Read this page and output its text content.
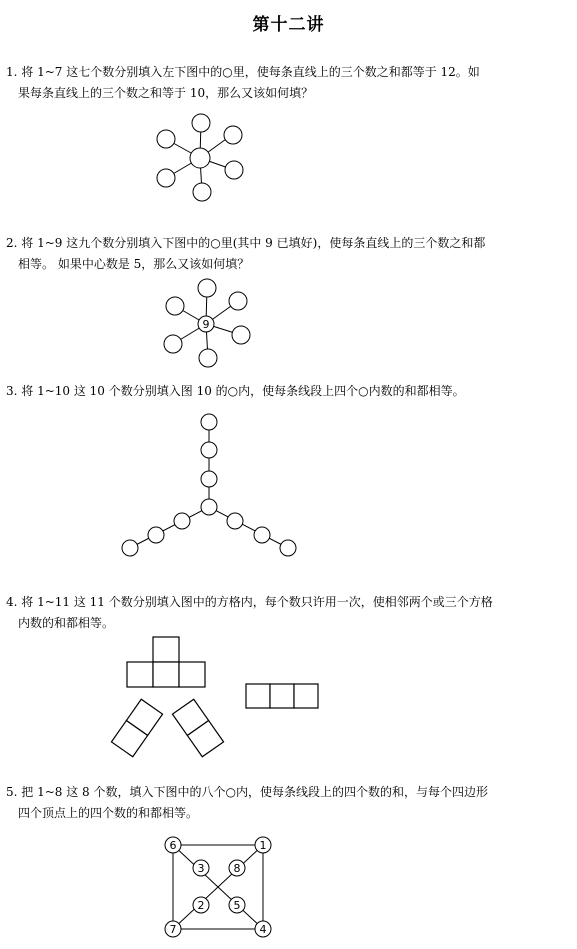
第十二讲
1. 将 1~7 这七个数分别填入左下图中的○里，使每条直线上的三个数之和都等于 12。如
果每条直线上的三个数之和等于 10，那么又该如何填？
2. 将 1~9 这九个数分别填入下图中的○里(其中 9 已填好)，使每条直线上的三个数之和都
相等。 如果中心数是 5，那么又该如何填？
9
3. 将 1~10 这 10 个数分别填入图 10 的○内，使每条线段上四个○内数的和都相等。
4. 将 1~11 这 11 个数分别填入图中的方格内，每个数只许用一次，使相邻两个或三个方格
内数的和都相等。
5. 把 1~8 这 8 个数，填入下图中的八个○内，使每条线段上的四个数的和，与每个四边形
四个顶点上的四个数的和都相等。
6	1
7	4
3	8
2	5
